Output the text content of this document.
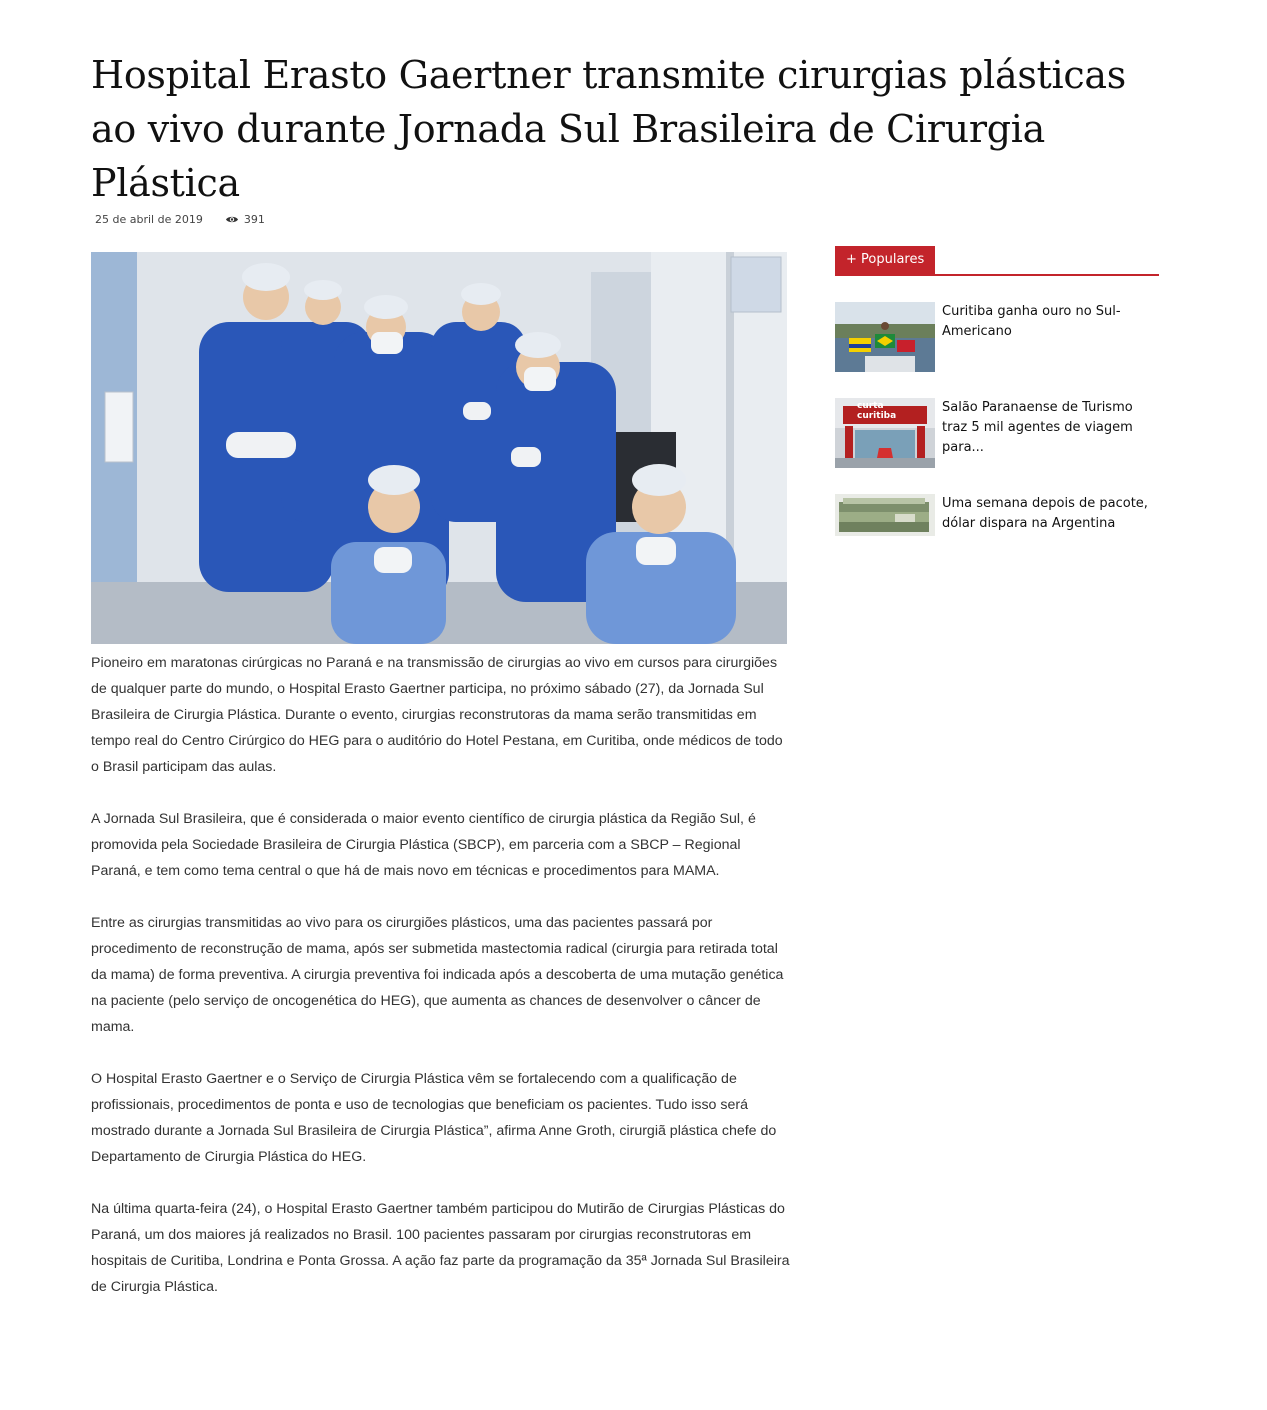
Hospital Erasto Gaertner transmite cirurgias plásticas ao vivo durante Jornada Sul Brasileira de Cirurgia Plástica
25 de abril de 2019	391

Pioneiro em maratonas cirúrgicas no Paraná e na transmissão de cirurgias ao vivo em cursos para cirurgiões de qualquer parte do mundo, o Hospital Erasto Gaertner participa, no próximo sábado (27), da Jornada Sul Brasileira de Cirurgia Plástica. Durante o evento, cirurgias reconstrutoras da mama serão transmitidas em tempo real do Centro Cirúrgico do HEG para o auditório do Hotel Pestana, em Curitiba, onde médicos de todo o Brasil participam das aulas.

A Jornada Sul Brasileira, que é considerada o maior evento científico de cirurgia plástica da Região Sul, é promovida pela Sociedade Brasileira de Cirurgia Plástica (SBCP), em parceria com a SBCP – Regional Paraná, e tem como tema central o que há de mais novo em técnicas e procedimentos para MAMA.

Entre as cirurgias transmitidas ao vivo para os cirurgiões plásticos, uma das pacientes passará por procedimento de reconstrução de mama, após ser submetida mastectomia radical (cirurgia para retirada total da mama) de forma preventiva. A cirurgia preventiva foi indicada após a descoberta de uma mutação genética na paciente (pelo serviço de oncogenética do HEG), que aumenta as chances de desenvolver o câncer de mama.

O Hospital Erasto Gaertner e o Serviço de Cirurgia Plástica vêm se fortalecendo com a qualificação de profissionais, procedimentos de ponta e uso de tecnologias que beneficiam os pacientes. Tudo isso será mostrado durante a Jornada Sul Brasileira de Cirurgia Plástica”, afirma Anne Groth, cirurgiã plástica chefe do Departamento de Cirurgia Plástica do HEG.

Na última quarta-feira (24), o Hospital Erasto Gaertner também participou do Mutirão de Cirurgias Plásticas do Paraná, um dos maiores já realizados no Brasil. 100 pacientes passaram por cirurgias reconstrutoras em hospitais de Curitiba, Londrina e Ponta Grossa. A ação faz parte da programação da 35ª Jornada Sul Brasileira de Cirurgia Plástica.

+ Populares
Curitiba ganha ouro no Sul-Americano
curta curitiba
Salão Paranaense de Turismo traz 5 mil agentes de viagem para...
Uma semana depois de pacote, dólar dispara na Argentina
